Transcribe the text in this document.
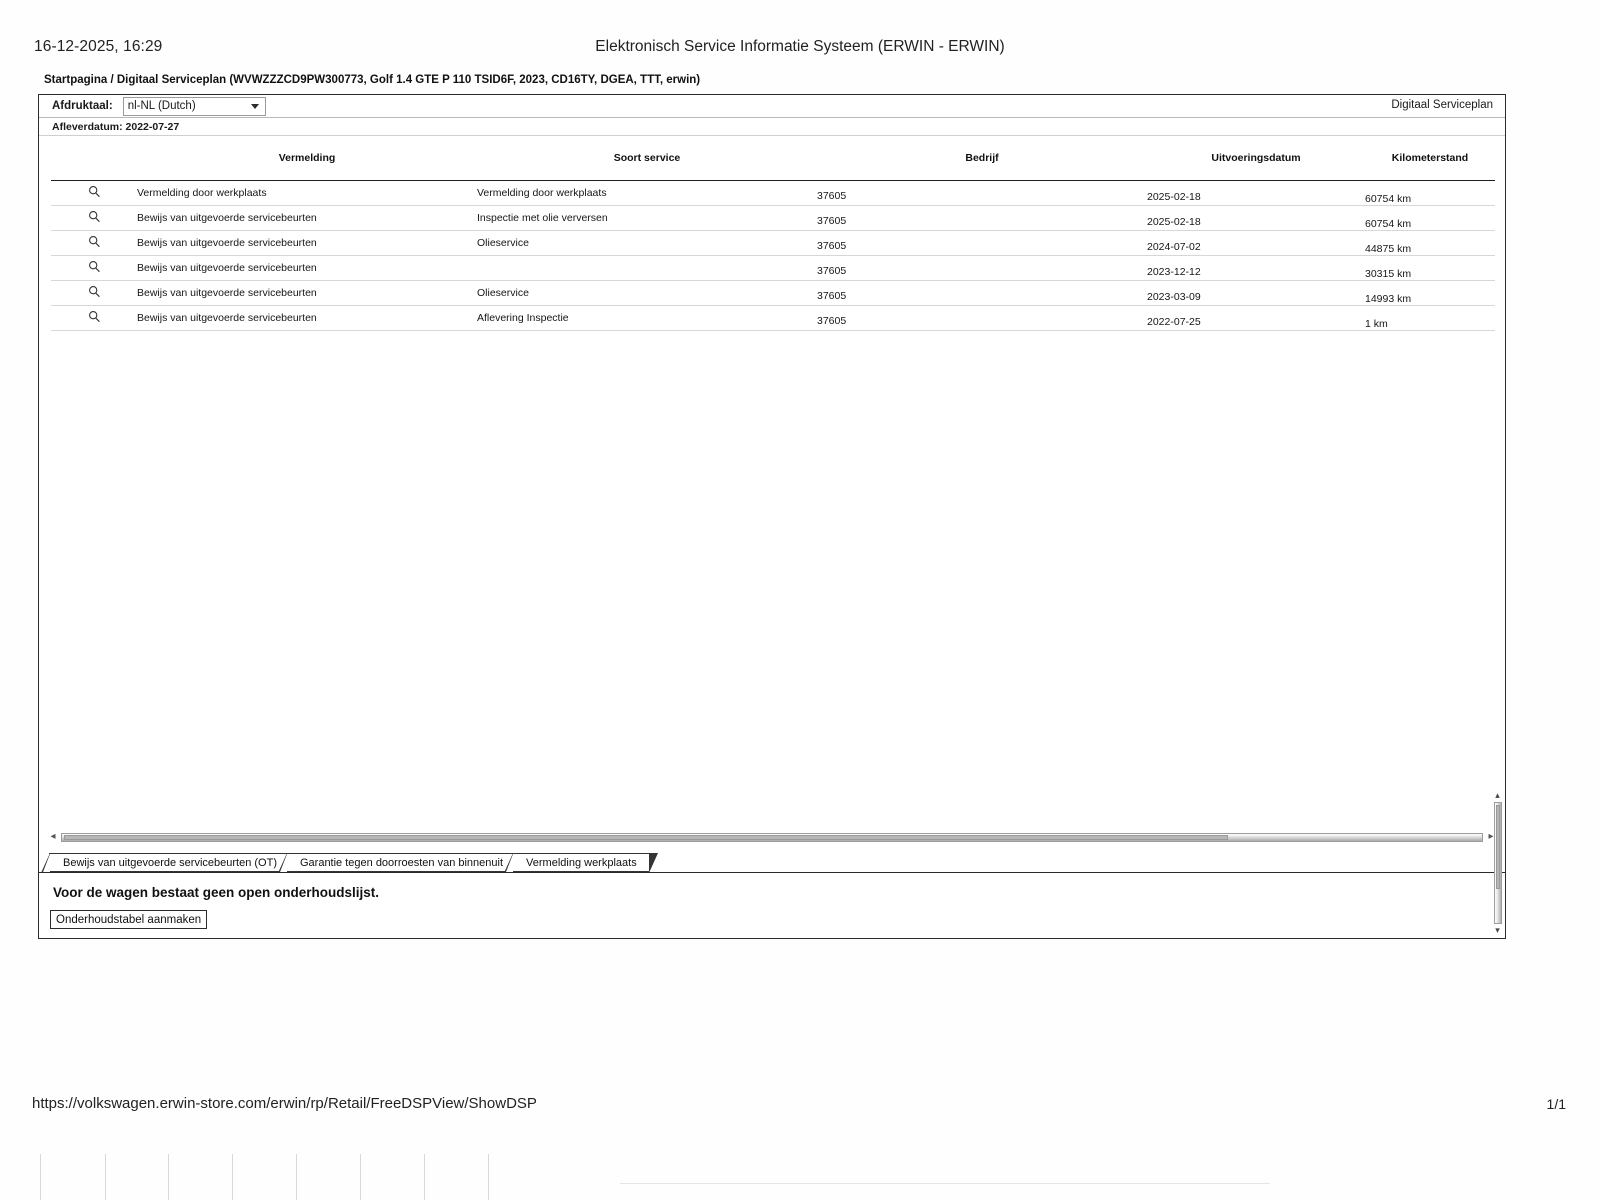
16-12-2025, 16:29	Elektronisch Service Informatie Systeem (ERWIN - ERWIN)
Startpagina / Digitaal Serviceplan (WVWZZZCD9PW300773, Golf 1.4 GTE P 110 TSID6F, 2023, CD16TY, DGEA, TTT, erwin)
Afdruktaal: nl-NL (Dutch)	Digitaal Serviceplan
Afleverdatum: 2022-07-27
	Vermelding	Soort service	Bedrijf	Uitvoeringsdatum	Kilometerstand

	Vermelding door werkplaats	Vermelding door werkplaats	37605	2025-02-18	60754 km

	Bewijs van uitgevoerde servicebeurten	Inspectie met olie verversen	37605	2025-02-18	60754 km

	Bewijs van uitgevoerde servicebeurten	Olieservice	37605	2024-07-02	44875 km

	Bewijs van uitgevoerde servicebeurten		37605	2023-12-12	30315 km

	Bewijs van uitgevoerde servicebeurten	Olieservice	37605	2023-03-09	14993 km

	Bewijs van uitgevoerde servicebeurten	Aflevering Inspectie	37605	2022-07-25	1 km
◂	▸
Bewijs van uitgevoerde servicebeurten (OT) Garantie tegen doorroesten van binnenuit Vermelding werkplaats
Voor de wagen bestaat geen open onderhoudslijst.
Onderhoudstabel aanmaken
▴
▾
https://volkswagen.erwin-store.com/erwin/rp/Retail/FreeDSPView/ShowDSP	1/1
